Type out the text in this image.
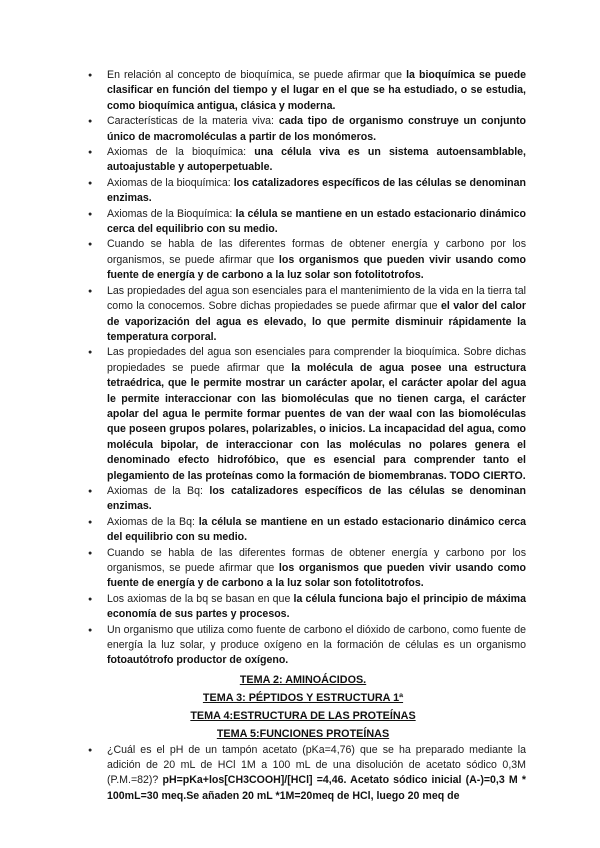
● En relación al concepto de bioquímica, se puede afirmar que la bioquímica se puede clasificar en función del tiempo y el lugar en el que se ha estudiado, o se estudia, como bioquímica antigua, clásica y moderna.
● Características de la materia viva: cada tipo de organismo construye un conjunto único de macromoléculas a partir de los monómeros.
● Axiomas de la bioquímica: una célula viva es un sistema autoensamblable, autoajustable y autoperpetuable.
● Axiomas de la bioquímica: los catalizadores específicos de las células se denominan enzimas.
● Axiomas de la Bioquímica: la célula se mantiene en un estado estacionario dinámico cerca del equilibrio con su medio.
● Cuando se habla de las diferentes formas de obtener energía y carbono por los organismos, se puede afirmar que los organismos que pueden vivir usando como fuente de energía y de carbono a la luz solar son fotolitotrofos.
● Las propiedades del agua son esenciales para el mantenimiento de la vida en la tierra tal como la conocemos. Sobre dichas propiedades se puede afirmar que el valor del calor de vaporización del agua es elevado, lo que permite disminuir rápidamente la temperatura corporal.
● Las propiedades del agua son esenciales para comprender la bioquímica. Sobre dichas propiedades se puede afirmar que la molécula de agua posee una estructura tetraédrica, que le permite mostrar un carácter apolar, el carácter apolar del agua le permite interaccionar con las biomoléculas que no tienen carga, el carácter apolar del agua le permite formar puentes de van der waal con las biomoléculas que poseen grupos polares, polarizables, o inicios. La incapacidad del agua, como molécula bipolar, de interaccionar con las moléculas no polares genera el denominado efecto hidrofóbico, que es esencial para comprender tanto el plegamiento de las proteínas como la formación de biomembranas. TODO CIERTO.
● Axiomas de la Bq: los catalizadores específicos de las células se denominan enzimas.
● Axiomas de la Bq: la célula se mantiene en un estado estacionario dinámico cerca del equilibrio con su medio.
● Cuando se habla de las diferentes formas de obtener energía y carbono por los organismos, se puede afirmar que los organismos que pueden vivir usando como fuente de energía y de carbono a la luz solar son fotolitotrofos.
● Los axiomas de la bq se basan en que la célula funciona bajo el principio de máxima economía de sus partes y procesos.
● Un organismo que utiliza como fuente de carbono el dióxido de carbono, como fuente de energía la luz solar, y produce oxígeno en la formación de células es un organismo fotoautótrofo productor de oxígeno.
TEMA 2: AMINOÁCIDOS.
TEMA 3: PÉPTIDOS Y ESTRUCTURA 1ª
TEMA 4:ESTRUCTURA DE LAS PROTEÍNAS
TEMA 5:FUNCIONES PROTEÍNAS
● ¿Cuál es el pH de un tampón acetato (pKa=4,76) que se ha preparado mediante la adición de 20 mL de HCl 1M a 100 mL de una disolución de acetato sódico 0,3M (P.M.=82)? pH=pKa+los[CH3COOH]/[HCl] =4,46. Acetato sódico inicial (A-)=0,3 M * 100mL=30 meq.Se añaden 20 mL *1M=20meq de HCl, luego 20 meq de
